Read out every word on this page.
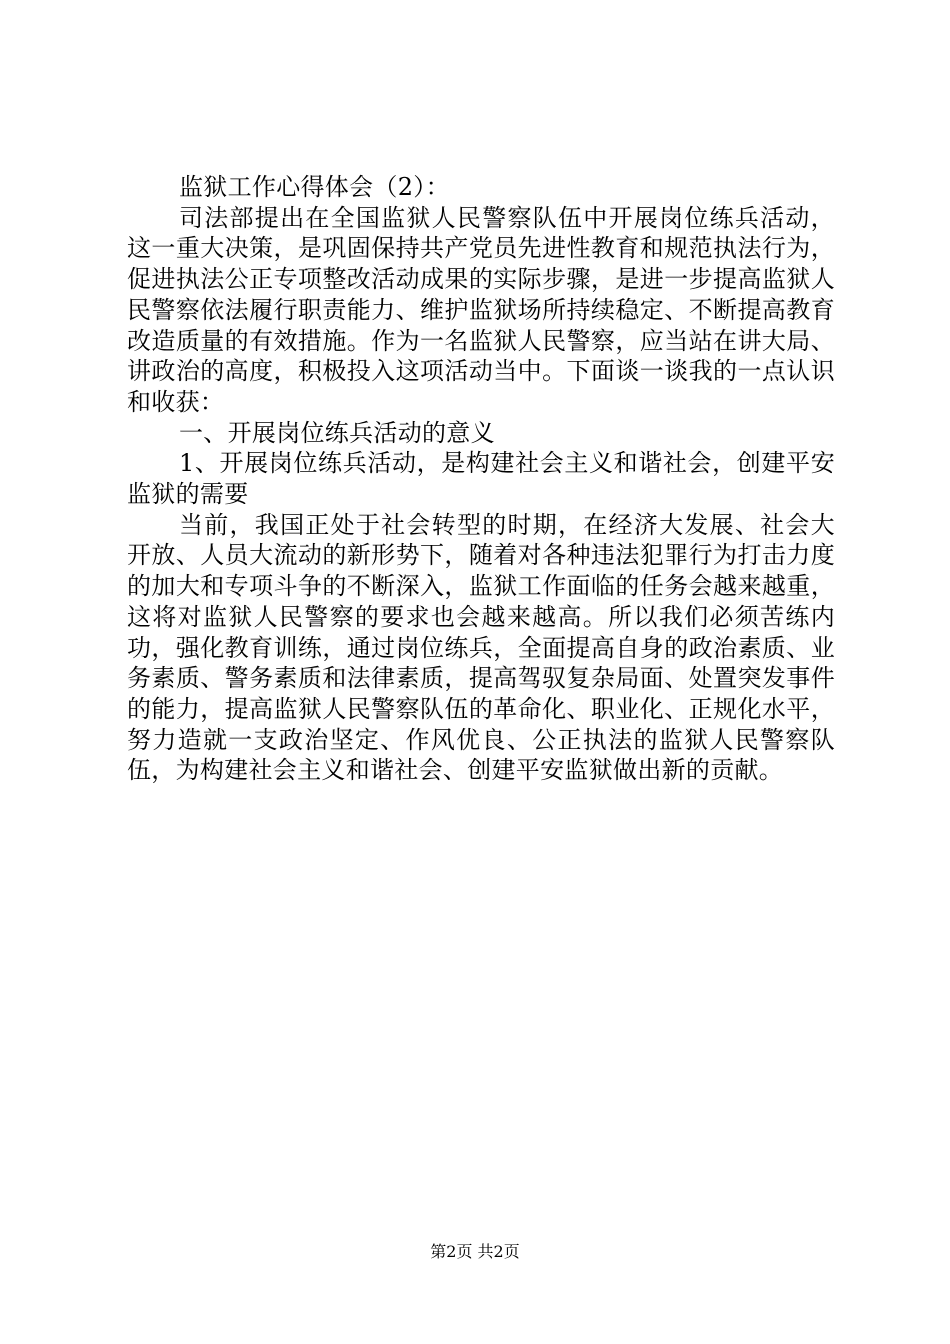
监狱工作心得体会（2）：

司法部提出在全国监狱人民警察队伍中开展岗位练兵活动，这一重大决策，是巩固保持共产党员先进性教育和规范执法行为，促进执法公正专项整改活动成果的实际步骤，是进一步提高监狱人民警察依法履行职责能力、维护监狱场所持续稳定、不断提高教育改造质量的有效措施。作为一名监狱人民警察，应当站在讲大局、讲政治的高度，积极投入这项活动当中。下面谈一谈我的一点认识和收获：

一、开展岗位练兵活动的意义

1、开展岗位练兵活动，是构建社会主义和谐社会，创建平安监狱的需要

当前，我国正处于社会转型的时期，在经济大发展、社会大开放、人员大流动的新形势下，随着对各种违法犯罪行为打击力度的加大和专项斗争的不断深入，监狱工作面临的任务会越来越重，这将对监狱人民警察的要求也会越来越高。所以我们必须苦练内功，强化教育训练，通过岗位练兵，全面提高自身的政治素质、业务素质、警务素质和法律素质，提高驾驭复杂局面、处置突发事件的能力，提高监狱人民警察队伍的革命化、职业化、正规化水平，努力造就一支政治坚定、作风优良、公正执法的监狱人民警察队伍，为构建社会主义和谐社会、创建平安监狱做出新的贡献。

第2页 共2页
